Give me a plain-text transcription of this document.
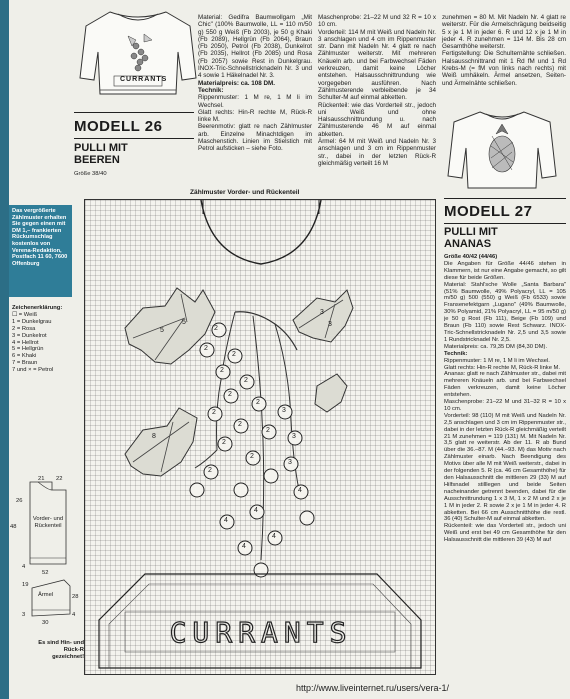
CURRANTS
MODELL 26
PULLI MIT
BEEREN
Größe 38/40

Material: Gedifra Baumwollgarn „Mit Chic" (100% Baumwolle, LL = 110 m/50 g) 550 g Weiß (Fb 2003), je 50 g Khaki (Fb 2089), Hellgrün (Fb 2064), Braun (Fb 2050), Petrol (Fb 2038), Dunkelrot (Fb 2035), Hellrot (Fb 2085) und Rosa (Fb 2057) sowie Rest in Dunkelgrau. INOX-Tric-Schnellstricknadeln Nr. 3 und 4 sowie 1 Häkelnadel Nr. 3.

Materialpreis: ca. 108 DM.

Technik:

Rippenmuster: 1 M re, 1 M li im Wechsel.

Glatt rechts: Hin-R rechte M, Rück-R linke M.

Beerenmotiv: glatt re nach Zählmuster arb. Einzelne Minachtdigen im Maschenstich. Linien im Stielstich mit Petrol aufsticken – siehe Foto.

Maschenprobe: 21–22 M und 32 R = 10 x 10 cm.

Vorderteil: 114 M mit Weiß und Nadeln Nr. 3 anschlagen und 4 cm im Rippenmuster str. Dann mit Nadeln Nr. 4 glatt re nach Zählmuster weiterstr. Mit mehreren Knäueln arb. und bei Farbwechsel Fäden verkreuzen, damit keine Löcher entstehen. Halsausschnittrundung wie vorgegeben ausführen. Nach Zählmusterende verbleibende je 34 Schulter-M auf einmal abketten.

Rückenteil: wie das Vorderteil str., jedoch uni Weiß und ohne Halsausschnittrundung u. nach Zählmusterende 46 M auf einmal abketten.

Ärmel: 64 M mit Weiß und Nadeln Nr. 3 anschlagen und 3 cm im Rippenmuster str., dabei in der letzten Rück-R gleichmäßig verteilt 16 M

zunehmen = 80 M. Mit Nadeln Nr. 4 glatt re weiterstr. Für die Armelschrägung beidseitig 5 x je 1 M in jeder 6. R und 12 x je 1 M in jeder 4. R zunehmen = 114 M. Bis 28 cm Gesamthöhe weiterstr.

Fertigstellung: Die Schulternähte schließen. Halsausschnittrand mit 1 Rd fM und 1 Rd Krebs-M (= fM von links nach rechts) mit Weiß umhäkeln. Ärmel ansetzen, Seiten- und Ärmelnähte schließen.

MODELL 27
PULLI MIT
ANANAS

Größe 40/42 (44/46)

Die Angaben für Größe 44/46 stehen in Klammern, ist nur eine Angabe gemacht, so gilt diese für beide Größen.

Material: Stahl'sche Wolle „Santa Barbara" (51% Baumwolle, 49% Polyacryl, LL = 105 m/50 g) 500 (550) g Weiß (Fb 6533) sowie Fransenefektgarn „Lugano" (49% Baumwolle, 30% Polyamid, 21% Polyacryl, LL = 95 m/50 g) je 50 g Rost (Fb 111), Beige (Fb 109) und Braun (Fb 110) sowie Rest Schwarz. INOX-Tric-Schnellstricknadeln Nr. 2,5 und 3,5 sowie 1 Rundstricknadel Nr. 2,5.

Materialpreis: ca. 79,35 DM (84,30 DM).

Technik:

Rippenmuster: 1 M re, 1 M li im Wechsel.

Glatt rechts: Hin-R rechte M, Rück-R linke M.

Ananas: glatt re nach Zählmuster str., dabei mit mehreren Knäueln arb. und bei Farbwechsel Fäden verkreuzen, damit keine Löcher entstehen.

Maschenprobe: 21–22 M und 31–32 R = 10 x 10 cm.

Vorderteil: 98 (110) M mit Weiß und Nadeln Nr. 2,5 anschlagen und 3 cm im Rippenmuster str., dabei in der letzten Rück-R gleichmäßig verteilt 21 M zunehmen = 119 (131) M. Mit Nadeln Nr. 3,5 glatt re weiterstr. Ab der 11. R ab Bund über die 36.–87. M (44.–93. M) das Motiv nach Zählmuster einarb. Nach Beendigung des Motivs über alle M mit Weiß weiterstr., dabei in der folgenden 5. R (ca. 46 cm Gesamthöhe) für den Halsausschnitt die mittleren 29 (33) M auf Hilfsnadel stilllegen und beide Seiten nacheinander getrennt beenden, dabei für die Ausschnittrundung 1 x 3 M, 1 x 2 M und 2 x je 1 M in jeder 2. R sowie 2 x je 1 M in jeder 4. R abketten. Bei 66 cm Ausschnitthöhe die restl. 36 (40) Schulter-M auf einmal abketten.

Rückenteil: wie das Vorderteil str., jedoch uni Weiß und erst bei 49 cm Gesamthöhe für den Halsausschnitt die mittleren 39 (43) M auf

Zählmuster Vorder- und Rückenteil
Das vergrößerte Zählmuster erhalten Sie gegen einen mit DM 1,– frankierten Rückumschlag kostenlos von Verena-Redaktion, Postfach 11 60, 7600 Offenburg
Zeichenerklärung:
☐ = Weiß
1 = Dunkelgrau
2 = Rosa
3 = Dunkelrot
4 = Hellrot
5 = Hellgrün
6 = Khaki
7 = Braun
7 und × = Petrol
Vorder- und Rückenteil
Ärmel
21 22
26
4
52
3
28
48
19
4
30
Es sind Hin- und Rück-R gezeichnet!
5
5
3
3
8
2
2
2
2
2
2
2
2
2
2
2
2
2
3
3
3
4
4
4
4
4
CURRANTS
http://www.liveinternet.ru/users/vera-1/
